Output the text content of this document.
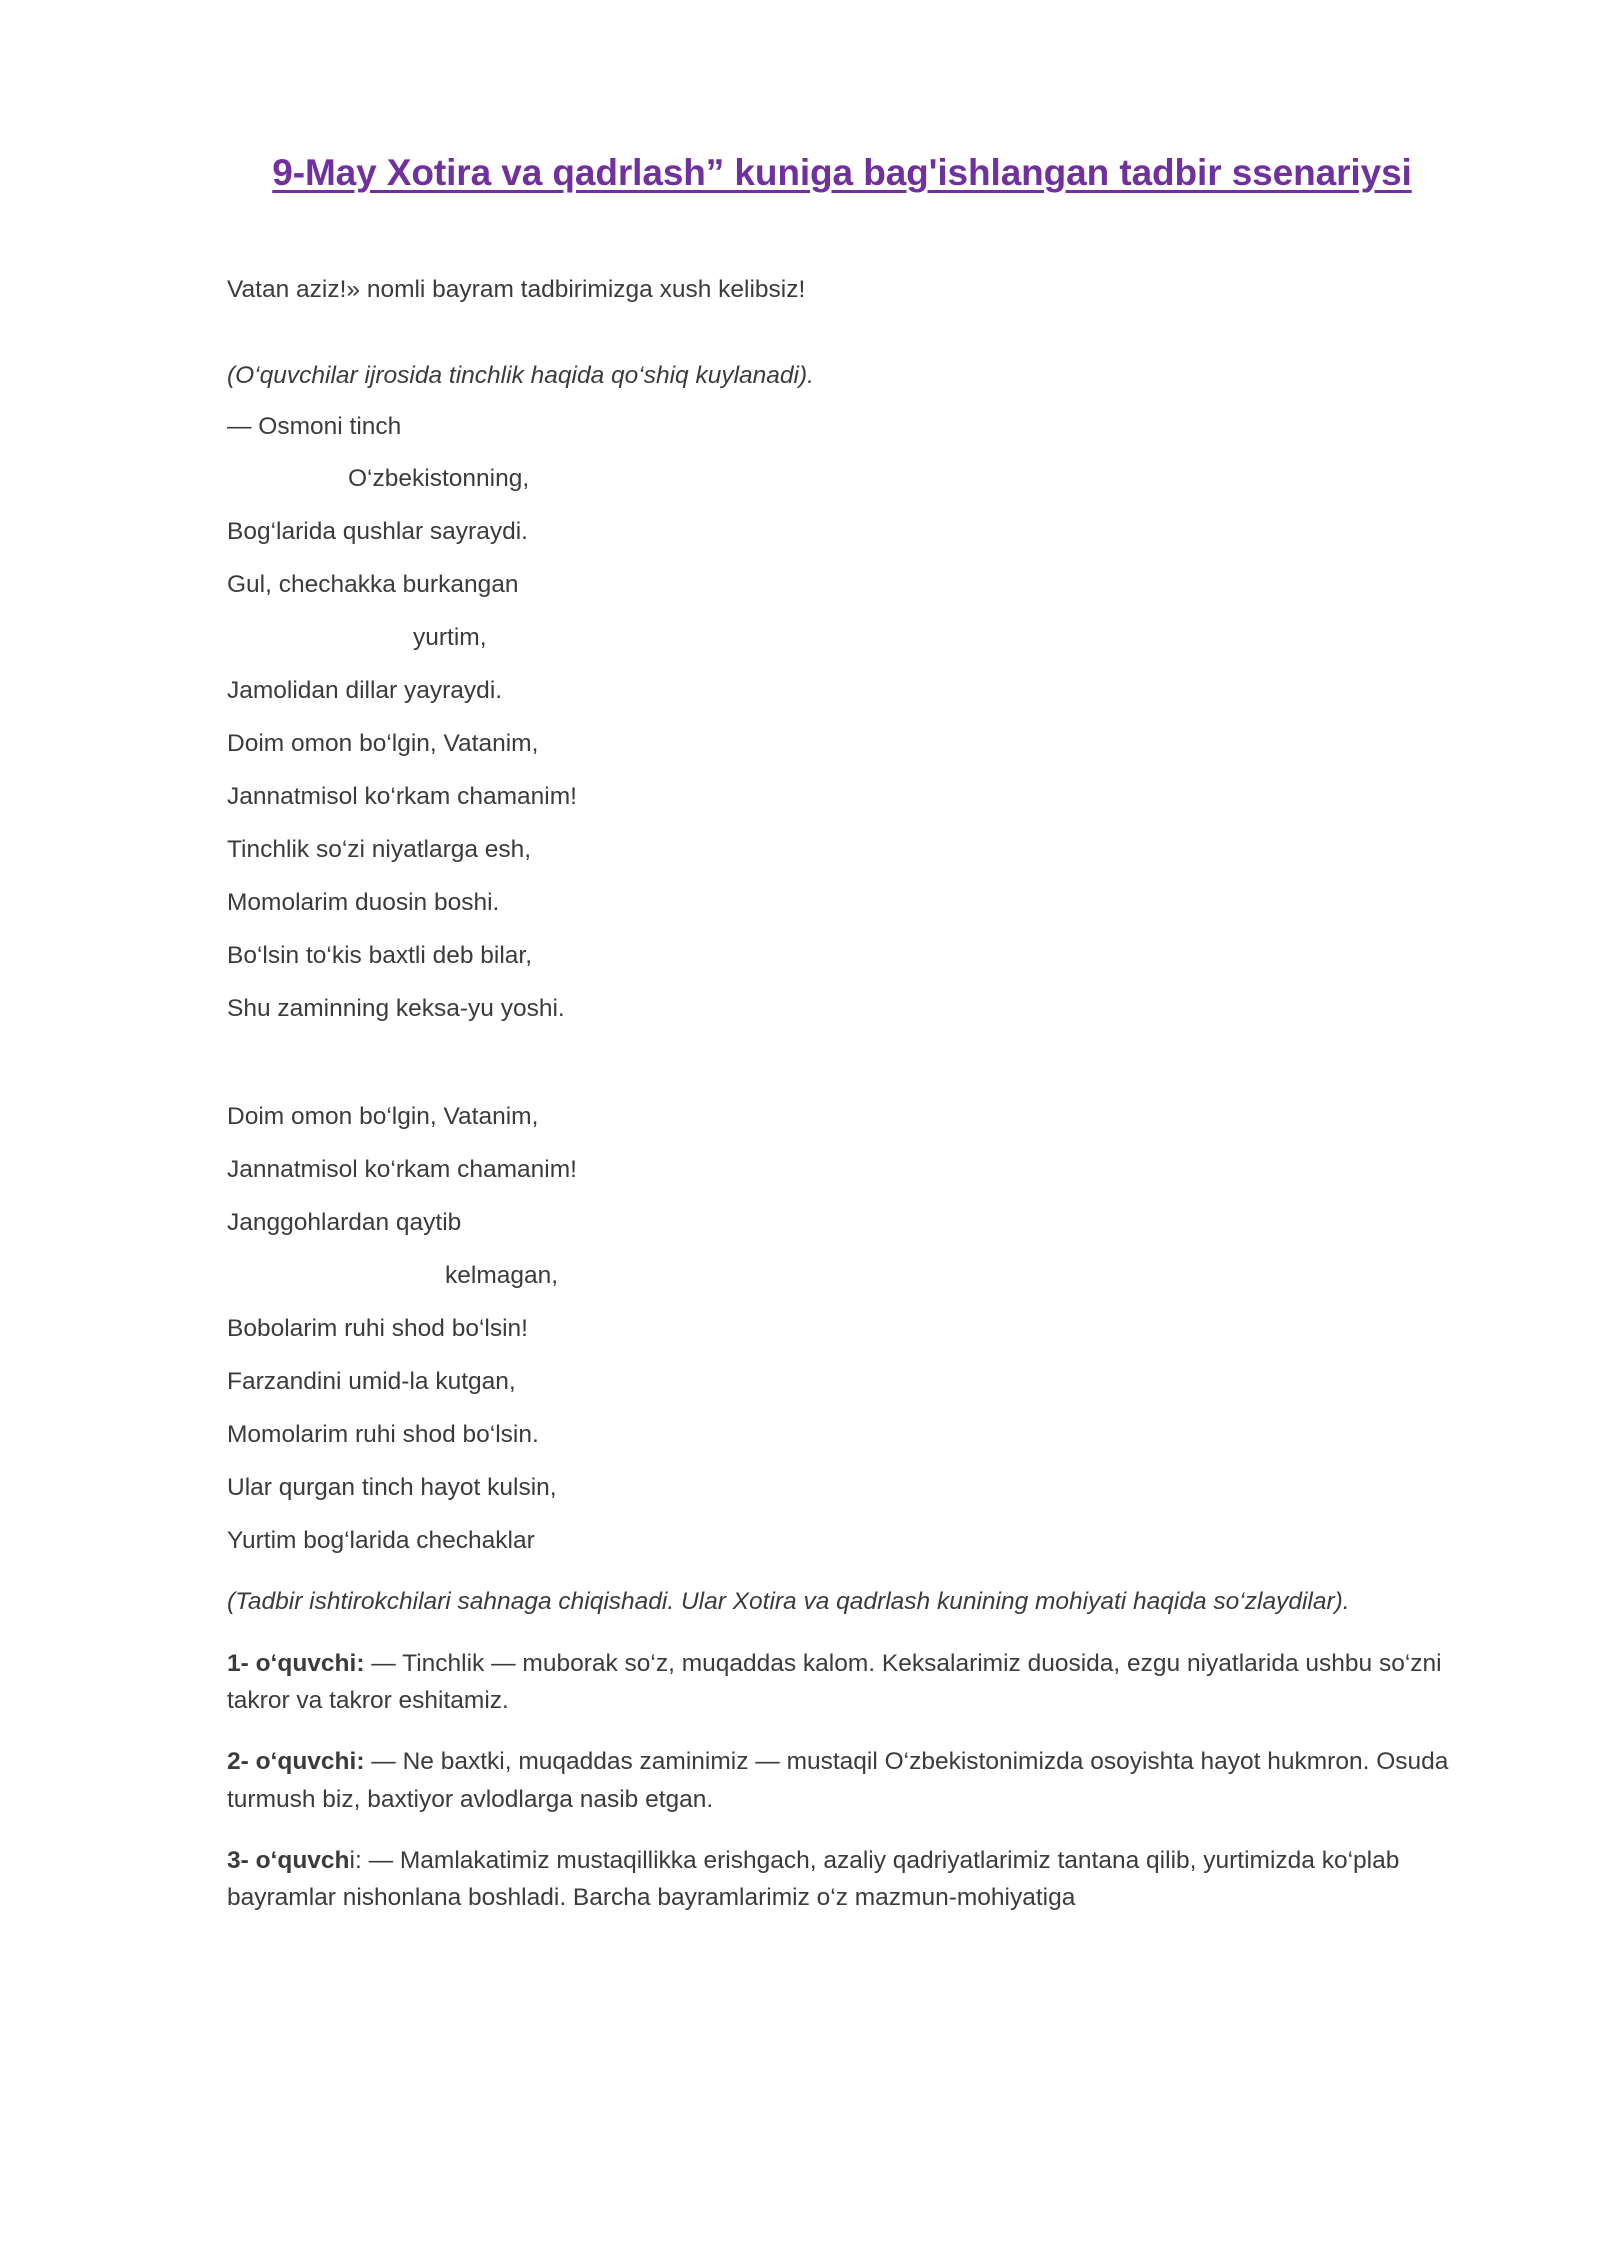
9-May Xotira va qadrlash” kuniga bag'ishlangan tadbir ssenariysi

Vatan aziz!» nomli bayram tadbirimizga xush kelibsiz!

(O‘quvchilar ijrosida tinchlik haqida qo‘shiq kuylanadi).

— Osmoni tinch

O‘zbekistonning,

Bog‘larida qushlar sayraydi.

Gul, chechakka burkangan

yurtim,

Jamolidan dillar yayraydi.

Doim omon bo‘lgin, Vatanim,

Jannatmisol ko‘rkam chamanim!

Tinchlik so‘zi niyatlarga esh,

Momolarim duosin boshi.

Bo‘lsin to‘kis baxtli deb bilar,

Shu zaminning keksa-yu yoshi.

Doim omon bo‘lgin, Vatanim,

Jannatmisol ko‘rkam chamanim!

Janggohlardan qaytib

kelmagan,

Bobolarim ruhi shod bo‘lsin!

Farzandini umid-la kutgan,

Momolarim ruhi shod bo‘lsin.

Ular qurgan tinch hayot kulsin,

Yurtim bog‘larida chechaklar

(Tadbir ishtirokchilari sahnaga chiqishadi. Ular Xotira va qadrlash kunining mohiyati haqida so‘zlaydilar).

1- o‘quvchi: — Tinchlik — muborak so‘z, muqaddas kalom. Keksalarimiz duosida, ezgu niyatlarida ushbu so‘zni takror va takror eshitamiz.

2- o‘quvchi: — Ne baxtki, muqaddas zaminimiz — mustaqil O‘zbekistonimizda osoyishta hayot hukmron. Osuda turmush biz, baxtiyor avlodlarga nasib etgan.

3- o‘quvchi: — Mamlakatimiz mustaqillikka erishgach, azaliy qadriyatlarimiz tantana qilib, yurtimizda ko‘plab bayramlar nishonlana boshladi. Barcha bayramlarimiz o‘z mazmun-mohiyatiga
